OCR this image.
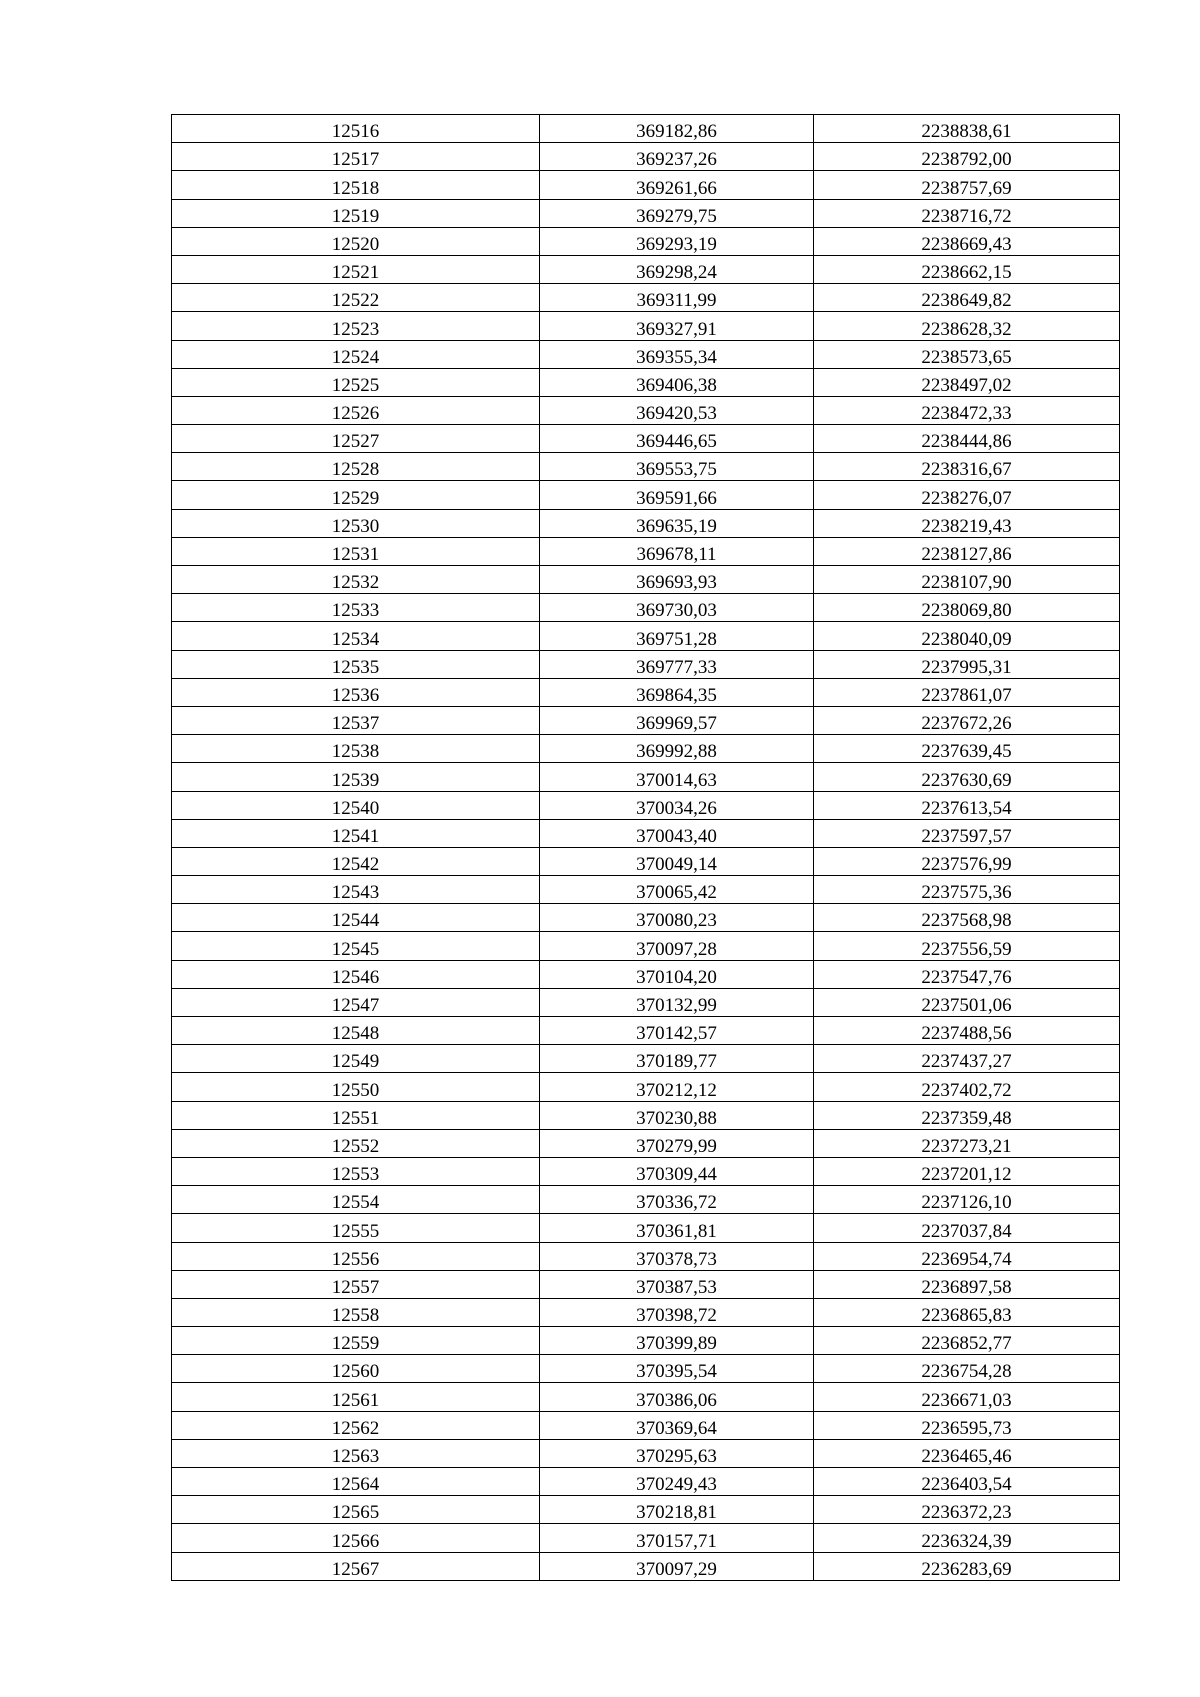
12516	369182,86	2238838,61
12517	369237,26	2238792,00
12518	369261,66	2238757,69
12519	369279,75	2238716,72
12520	369293,19	2238669,43
12521	369298,24	2238662,15
12522	369311,99	2238649,82
12523	369327,91	2238628,32
12524	369355,34	2238573,65
12525	369406,38	2238497,02
12526	369420,53	2238472,33
12527	369446,65	2238444,86
12528	369553,75	2238316,67
12529	369591,66	2238276,07
12530	369635,19	2238219,43
12531	369678,11	2238127,86
12532	369693,93	2238107,90
12533	369730,03	2238069,80
12534	369751,28	2238040,09
12535	369777,33	2237995,31
12536	369864,35	2237861,07
12537	369969,57	2237672,26
12538	369992,88	2237639,45
12539	370014,63	2237630,69
12540	370034,26	2237613,54
12541	370043,40	2237597,57
12542	370049,14	2237576,99
12543	370065,42	2237575,36
12544	370080,23	2237568,98
12545	370097,28	2237556,59
12546	370104,20	2237547,76
12547	370132,99	2237501,06
12548	370142,57	2237488,56
12549	370189,77	2237437,27
12550	370212,12	2237402,72
12551	370230,88	2237359,48
12552	370279,99	2237273,21
12553	370309,44	2237201,12
12554	370336,72	2237126,10
12555	370361,81	2237037,84
12556	370378,73	2236954,74
12557	370387,53	2236897,58
12558	370398,72	2236865,83
12559	370399,89	2236852,77
12560	370395,54	2236754,28
12561	370386,06	2236671,03
12562	370369,64	2236595,73
12563	370295,63	2236465,46
12564	370249,43	2236403,54
12565	370218,81	2236372,23
12566	370157,71	2236324,39
12567	370097,29	2236283,69
